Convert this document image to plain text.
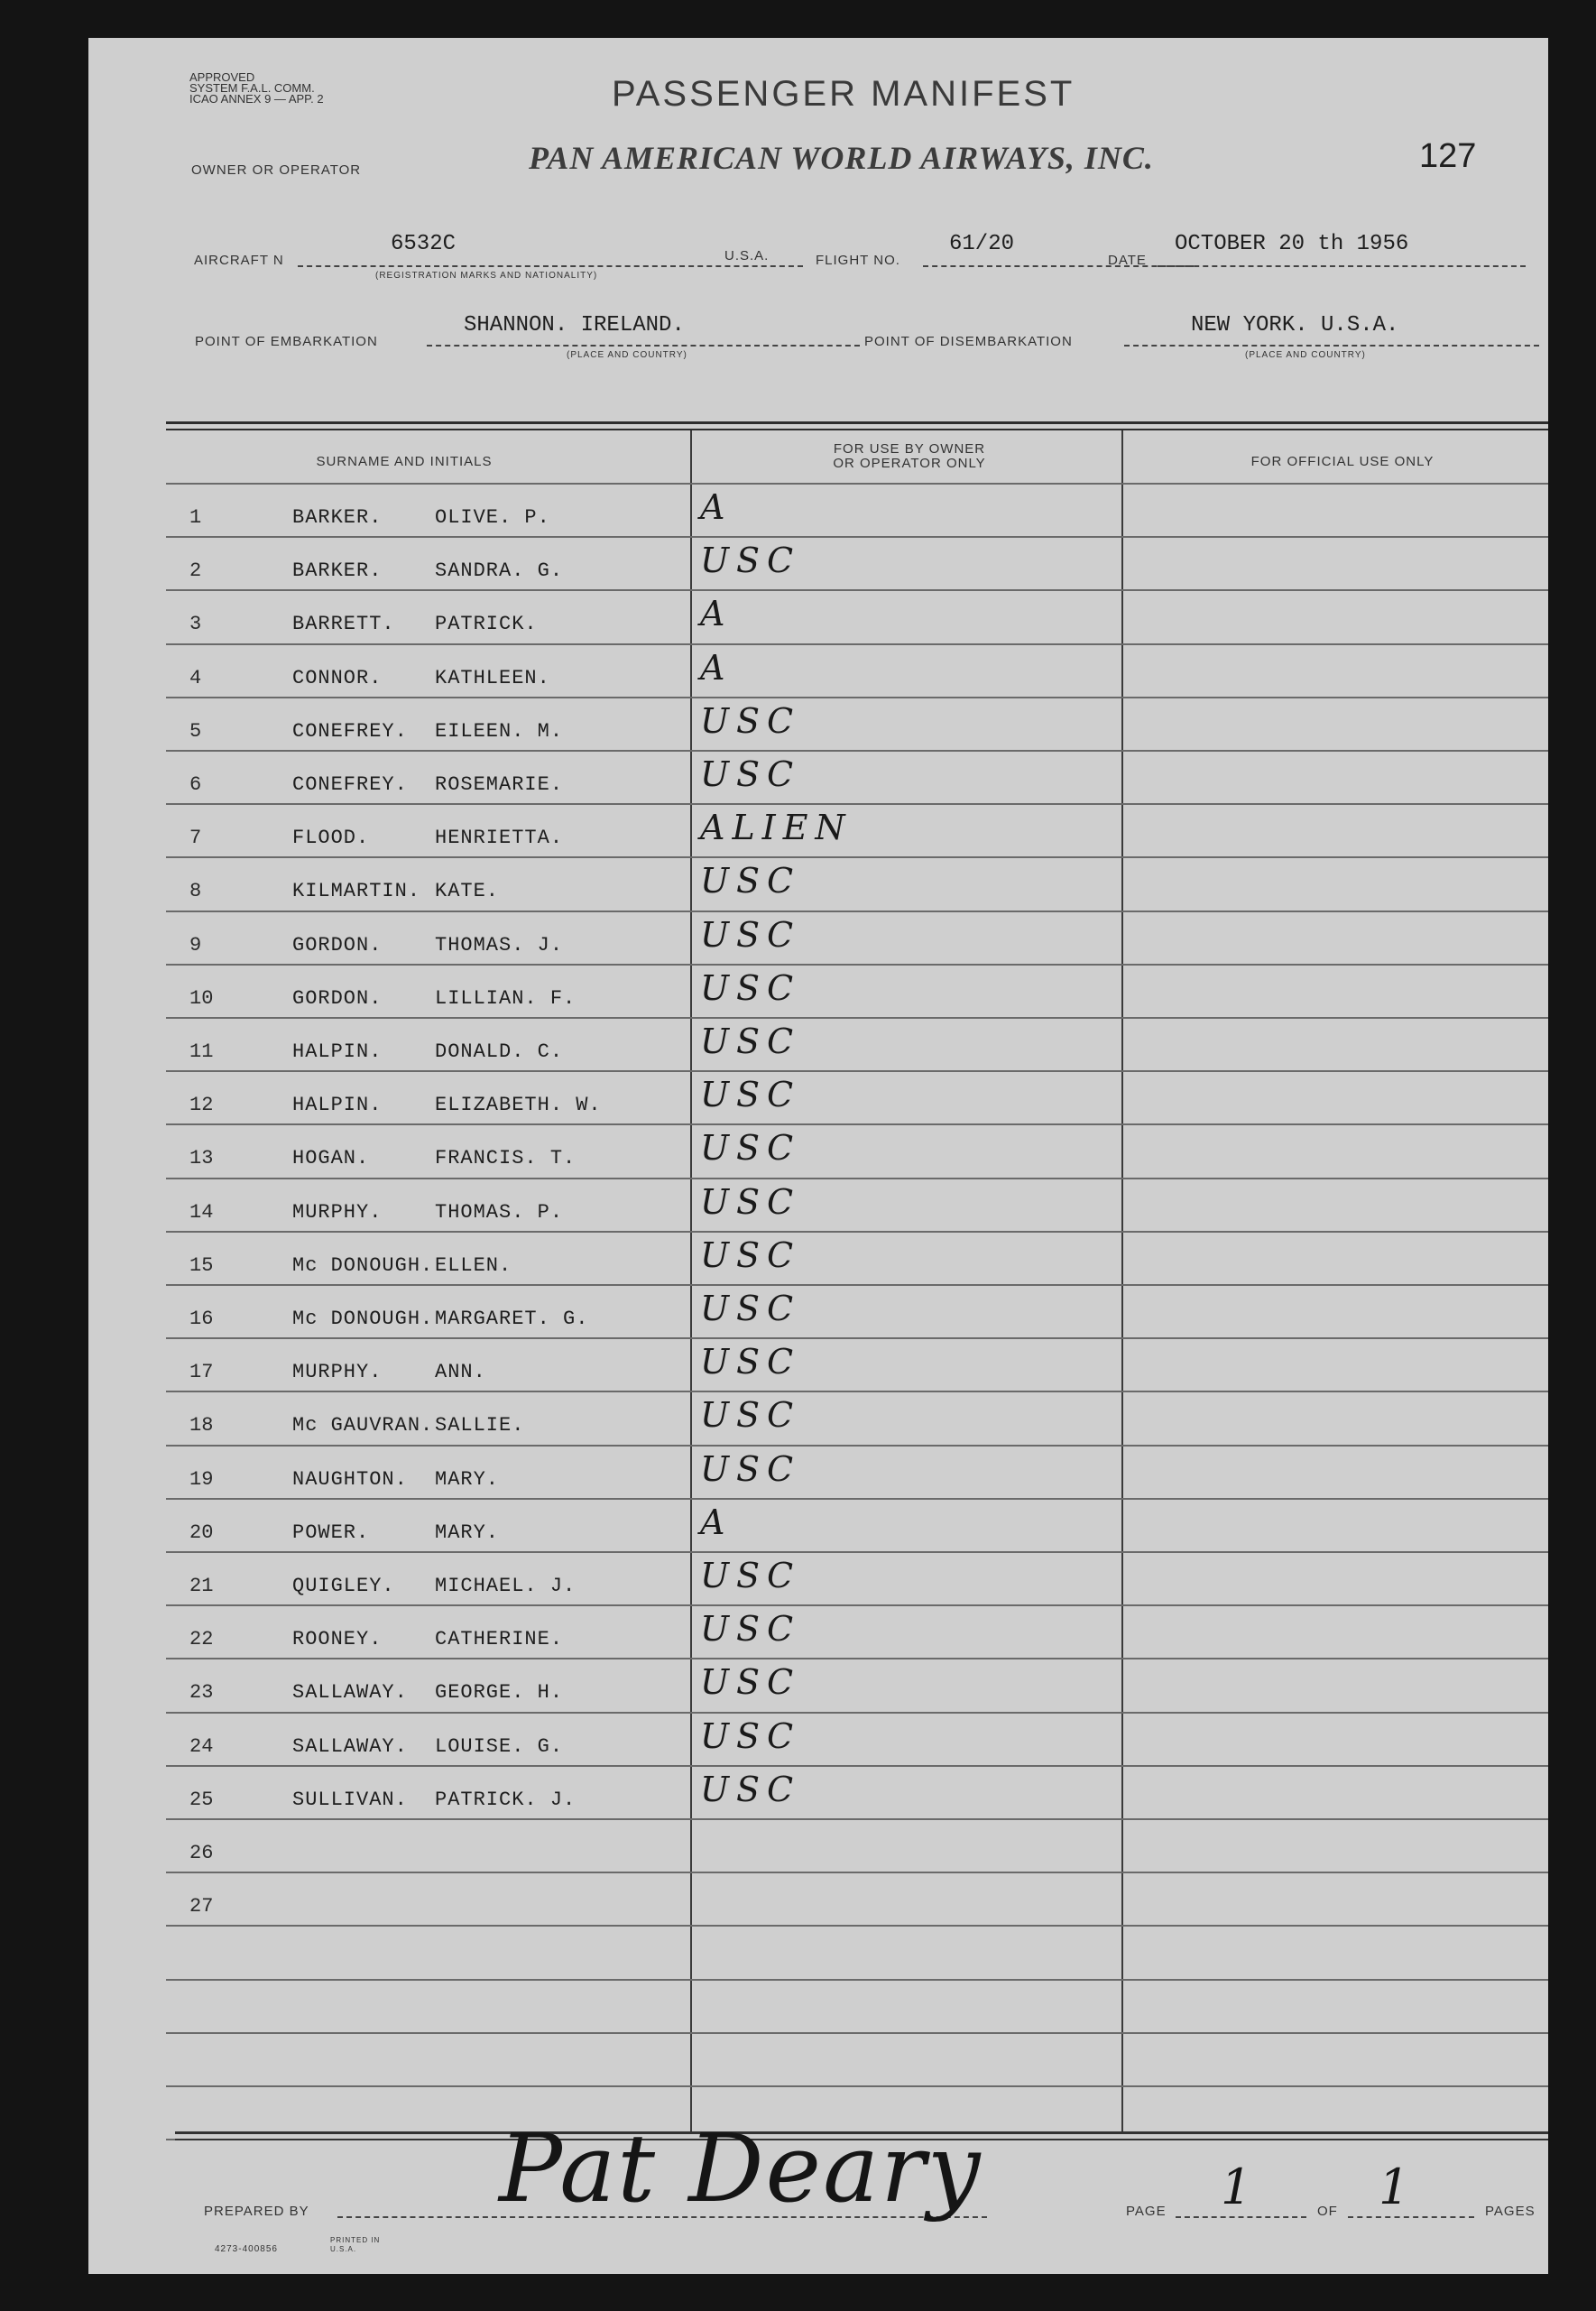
APPROVED
SYSTEM F.A.L. COMM.
ICAO ANNEX 9 — APP. 2	PASSENGER MANIFEST
OWNER OR OPERATOR	PAN AMERICAN WORLD AIRWAYS, INC.	127
AIRCRAFT N
6532C
(REGISTRATION MARKS AND NATIONALITY)
U.S.A.	FLIGHT NO.
61/20
DATE
OCTOBER 20 th 1956
POINT OF EMBARKATION
SHANNON. IRELAND.
(PLACE AND COUNTRY)
POINT OF DISEMBARKATION
NEW YORK. U.S.A.
(PLACE AND COUNTRY)
SURNAME AND INITIALS
FOR USE BY OWNER
OR OPERATOR ONLY	FOR OFFICIAL USE ONLY
1	BARKER.	OLIVE. P.	A
2	BARKER.	SANDRA. G.	USC
3	BARRETT. PATRICK.	A
4	CONNOR.	KATHLEEN.	A
5	CONEFREY. EILEEN. M.	USC
6	CONEFREY. ROSEMARIE.	USC
7	FLOOD.	HENRIETTA.	ALIEN
8	KILMARTIN. KATE.	USC
9	GORDON.	THOMAS. J.	USC
10	GORDON.	LILLIAN. F.	USC
11	HALPIN.	DONALD. C.	USC
12	HALPIN.	ELIZABETH. W.	USC
13	HOGAN.	FRANCIS. T.	USC
14	MURPHY.	THOMAS. P.	USC
15	Mc DONOUGH. ELLEN.	USC
16	Mc DONOUGH. MARGARET. G.	USC
17	MURPHY.	ANN.	USC
18	Mc GAUVRAN. SALLIE.	USC
19	NAUGHTON. MARY.	USC
20	POWER.	MARY.	A
21	QUIGLEY. MICHAEL. J.	USC
22	ROONEY.	CATHERINE.	USC
23	SALLAWAY. GEORGE. H.	USC
24	SALLAWAY. LOUISE. G.	USC
25	SULLIVAN. PATRICK. J.	USC
26
27
PREPARED BY Pat Deary	PAGE 1	OF 1	PAGES
4273-400856
PRINTED IN U.S.A.
